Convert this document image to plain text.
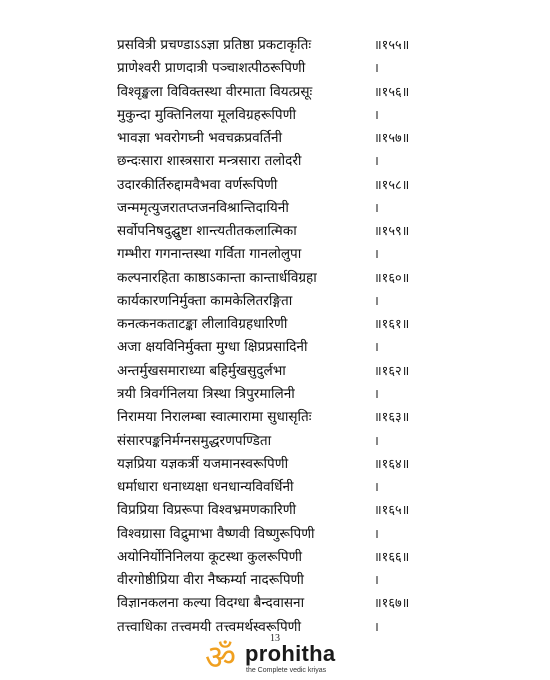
प्रसवित्री प्रचण्डाऽऽज्ञा प्रतिष्ठा प्रकटाकृतिः	॥१५५॥
प्राणेश्वरी प्राणदात्री पञ्चाशत्पीठरूपिणी	।
विश्वृङ्खला विविक्तस्था वीरमाता वियत्प्रसूः	॥१५६॥
मुकुन्दा मुक्तिनिलया मूलविग्रहरूपिणी	।
भावज्ञा भवरोगघ्नी भवचक्रप्रवर्तिनी	॥१५७॥
छन्दःसारा शास्त्रसारा मन्त्रसारा तलोदरी	।
उदारकीर्तिरुद्दामवैभवा वर्णरूपिणी	॥१५८॥
जन्ममृत्युजरातप्तजनविश्रान्तिदायिनी	।
सर्वोपनिषदुद्घुष्टा शान्त्यतीतकलात्मिका	॥१५९॥
गम्भीरा गगनान्तस्था गर्विता गानलोलुपा	।
कल्पनारहिता काष्ठाऽकान्ता कान्तार्धविग्रहा	॥१६०॥
कार्यकारणनिर्मुक्ता कामकेलितरङ्गिता	।
कनत्कनकताटङ्का लीलाविग्रहधारिणी	॥१६१॥
अजा क्षयविनिर्मुक्ता मुग्धा क्षिप्रप्रसादिनी	।
अन्तर्मुखसमाराध्या बहिर्मुखसुदुर्लभा	॥१६२॥
त्रयी त्रिवर्गनिलया त्रिस्था त्रिपुरमालिनी	।
निरामया निरालम्बा स्वात्मारामा सुधासृतिः	॥१६३॥
संसारपङ्कनिर्मग्नसमुद्धरणपण्डिता	।
यज्ञप्रिया यज्ञकर्त्री यजमानस्वरूपिणी	॥१६४॥
धर्माधारा धनाध्यक्षा धनधान्यविवर्धिनी	।
विप्रप्रिया विप्ररूपा विश्वभ्रमणकारिणी	॥१६५॥
विश्वग्रासा विद्रुमाभा वैष्णवी विष्णुरूपिणी	।
अयोनिर्योनिनिलया कूटस्था कुलरूपिणी	॥१६६॥
वीरगोष्ठीप्रिया वीरा नैष्कर्म्या नादरूपिणी	।
विज्ञानकलना कल्या विदग्धा बैन्दवासना	॥१६७॥
तत्त्वाधिका तत्त्वमयी तत्त्वमर्थस्वरूपिणी	।
13
ॐ prohitha
the Complete vedic kriyas
